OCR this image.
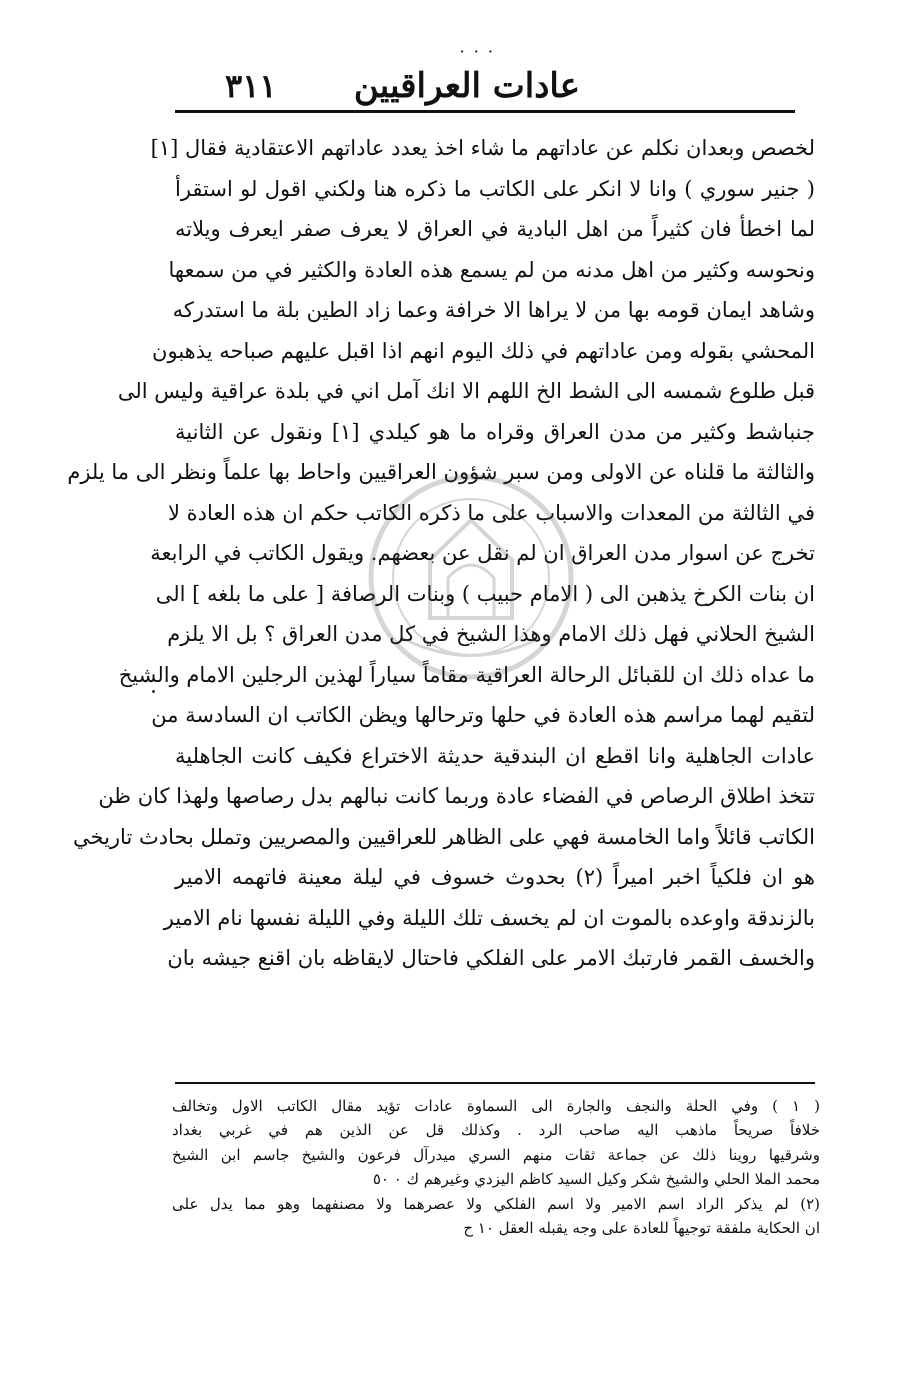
· · ·
عادات العراقيين
٣١١
لخصص وبعدان نكلم عن عاداتهم ما شاء اخذ يعدد عاداتهم الاعتقادية فقال [١]
( جنير سوري ) وانا لا انكر على الكاتب ما ذكره هنا ولكني اقول لو استقرأ
لما اخطأ فان كثيراً من اهل البادية في العراق لا يعرف صفر ايعرف ويلاته
ونحوسه وكثير من اهل مدنه من لم يسمع هذه العادة والكثير في من سمعها
وشاهد ايمان قومه بها من لا يراها الا خرافة وعما زاد الطين بلة ما استدركه
المحشي بقوله ومن عاداتهم في ذلك اليوم انهم اذا اقبل عليهم صباحه يذهبون
قبل طلوع شمسه الى الشط الخ اللهم الا انك آمل اني في بلدة عراقية وليس الى
جنباشط وكثير من مدن العراق وقراه ما هو كيلدي [١] ونقول عن الثانية
والثالثة ما قلناه عن الاولى ومن سبر شؤون العراقيين واحاط بها علماً ونظر الى ما يلزم
في الثالثة من المعدات والاسباب على ما ذكره الكاتب حكم ان هذه العادة لا
تخرج عن اسوار مدن العراق ان لم نقل عن بعضهم. ويقول الكاتب في الرابعة
ان بنات الكرخ يذهبن الى ( الامام حبيب ) وبنات الرصافة [ على ما بلغه ] الى
الشيخ الحلاني فهل ذلك الامام وهذا الشيخ في كل مدن العراق ؟ بل الا يلزم
ما عداه ذلك ان للقبائل الرحالة العراقية مقاماً سياراً لهذين الرجلين الامام والشيخ
لتقيم لهما مراسم هذه العادة في حلها وترحالها ويظن الكاتب ان السادسة من
عادات الجاهلية وانا اقطع ان البندقية حديثة الاختراع فكيف كانت الجاهلية
تتخذ اطلاق الرصاص في الفضاء عادة وربما كانت نبالهم بدل رصاصها ولهذا كان ظن
الكاتب قائلاً واما الخامسة فهي على الظاهر للعراقيين والمصريين وتملل بحادث تاريخي
هو ان فلكياً اخبر اميراً (٢) بحدوث خسوف في ليلة معينة فاتهمه الامير
بالزندقة واوعده بالموت ان لم يخسف تلك الليلة وفي الليلة نفسها نام الامير
والخسف القمر فارتبك الامر على الفلكي فاحتال لايقاظه بان اقنع جيشه بان
( ١ ) وفي الحلة والنجف والجارة الى السماوة عادات تؤيد مقال الكاتب الاول وتخالف
خلافاً صريحاً ماذهب اليه صاحب الرد . وكذلك قل عن الذين هم في غربي بغداد
وشرقيها روينا ذلك عن جماعة ثقات منهم السري ميدرآل فرعون والشيخ جاسم ابن الشيخ
محمد الملا الحلي والشيخ شكر وكيل السيد كاظم اليزدي وغيرهم ك ٠ ٥٠
(٢) لم يذكر الراد اسم الامير ولا اسم الفلكي ولا عصرهما ولا مصنفهما وهو مما يدل على
ان الحكاية ملفقة توجيهاً للعادة على وجه يقبله العقل ١٠ ح
